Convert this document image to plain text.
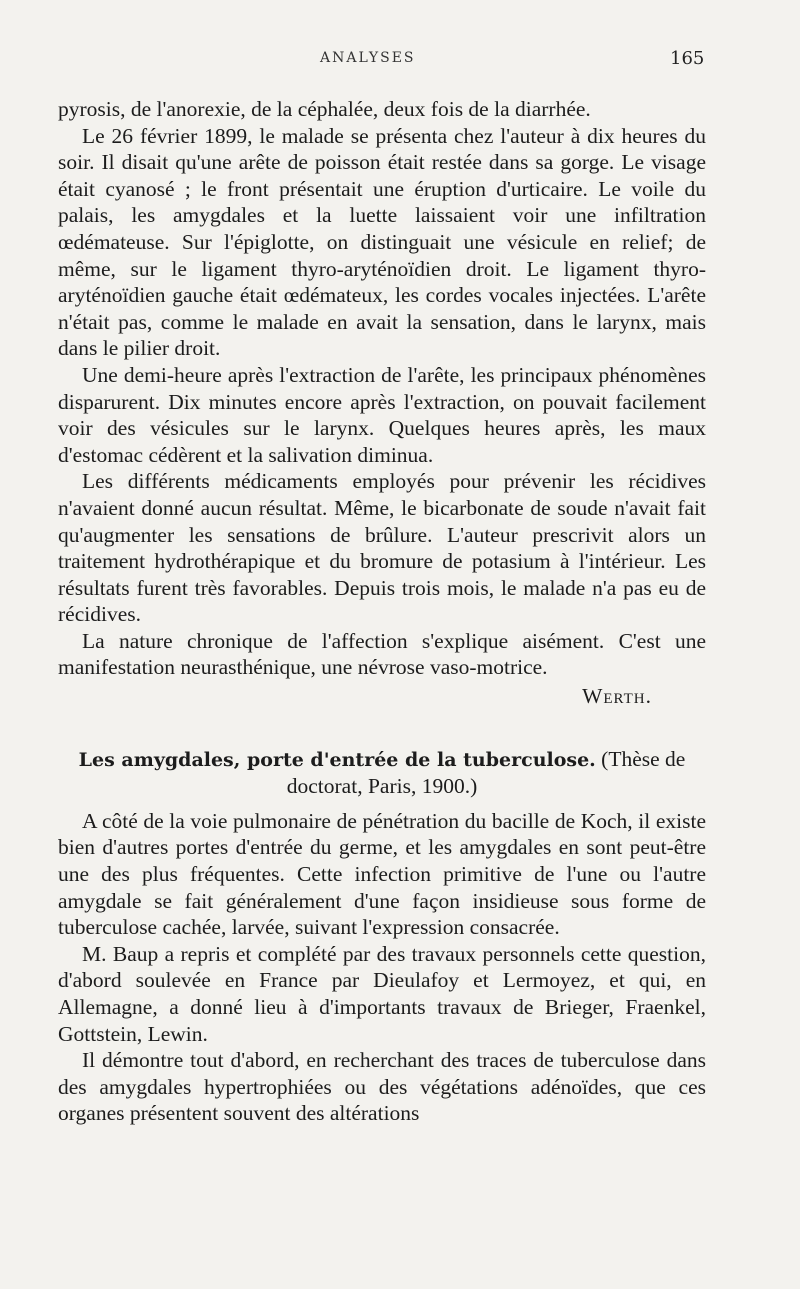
ANALYSES	165

pyrosis, de l'anorexie, de la céphalée, deux fois de la diarrhée.

Le 26 février 1899, le malade se présenta chez l'auteur à dix heures du soir. Il disait qu'une arête de poisson était restée dans sa gorge. Le visage était cyanosé ; le front présentait une éruption d'urticaire. Le voile du palais, les amygdales et la luette laissaient voir une infiltration œdémateuse. Sur l'épiglotte, on distinguait une vésicule en relief; de même, sur le ligament thyro-aryténoïdien droit. Le ligament thyro-aryténoïdien gauche était œdémateux, les cordes vocales injectées. L'arête n'était pas, comme le malade en avait la sensation, dans le larynx, mais dans le pilier droit.

Une demi-heure après l'extraction de l'arête, les principaux phénomènes disparurent. Dix minutes encore après l'extraction, on pouvait facilement voir des vésicules sur le larynx. Quelques heures après, les maux d'estomac cédèrent et la salivation diminua.

Les différents médicaments employés pour prévenir les récidives n'avaient donné aucun résultat. Même, le bicarbonate de soude n'avait fait qu'augmenter les sensations de brûlure. L'auteur prescrivit alors un traitement hydrothérapique et du bromure de potasium à l'intérieur. Les résultats furent très favorables. Depuis trois mois, le malade n'a pas eu de récidives.

La nature chronique de l'affection s'explique aisément. C'est une manifestation neurasthénique, une névrose vaso-motrice.

Werth.

Les amygdales, porte d'entrée de la tuberculose. (Thèse de doctorat, Paris, 1900.)

A côté de la voie pulmonaire de pénétration du bacille de Koch, il existe bien d'autres portes d'entrée du germe, et les amygdales en sont peut-être une des plus fréquentes. Cette infection primitive de l'une ou l'autre amygdale se fait généralement d'une façon insidieuse sous forme de tuberculose cachée, larvée, suivant l'expression consacrée.

M. Baup a repris et complété par des travaux personnels cette question, d'abord soulevée en France par Dieulafoy et Lermoyez, et qui, en Allemagne, a donné lieu à d'importants travaux de Brieger, Fraenkel, Gottstein, Lewin.

Il démontre tout d'abord, en recherchant des traces de tuberculose dans des amygdales hypertrophiées ou des végétations adénoïdes, que ces organes présentent souvent des altérations
